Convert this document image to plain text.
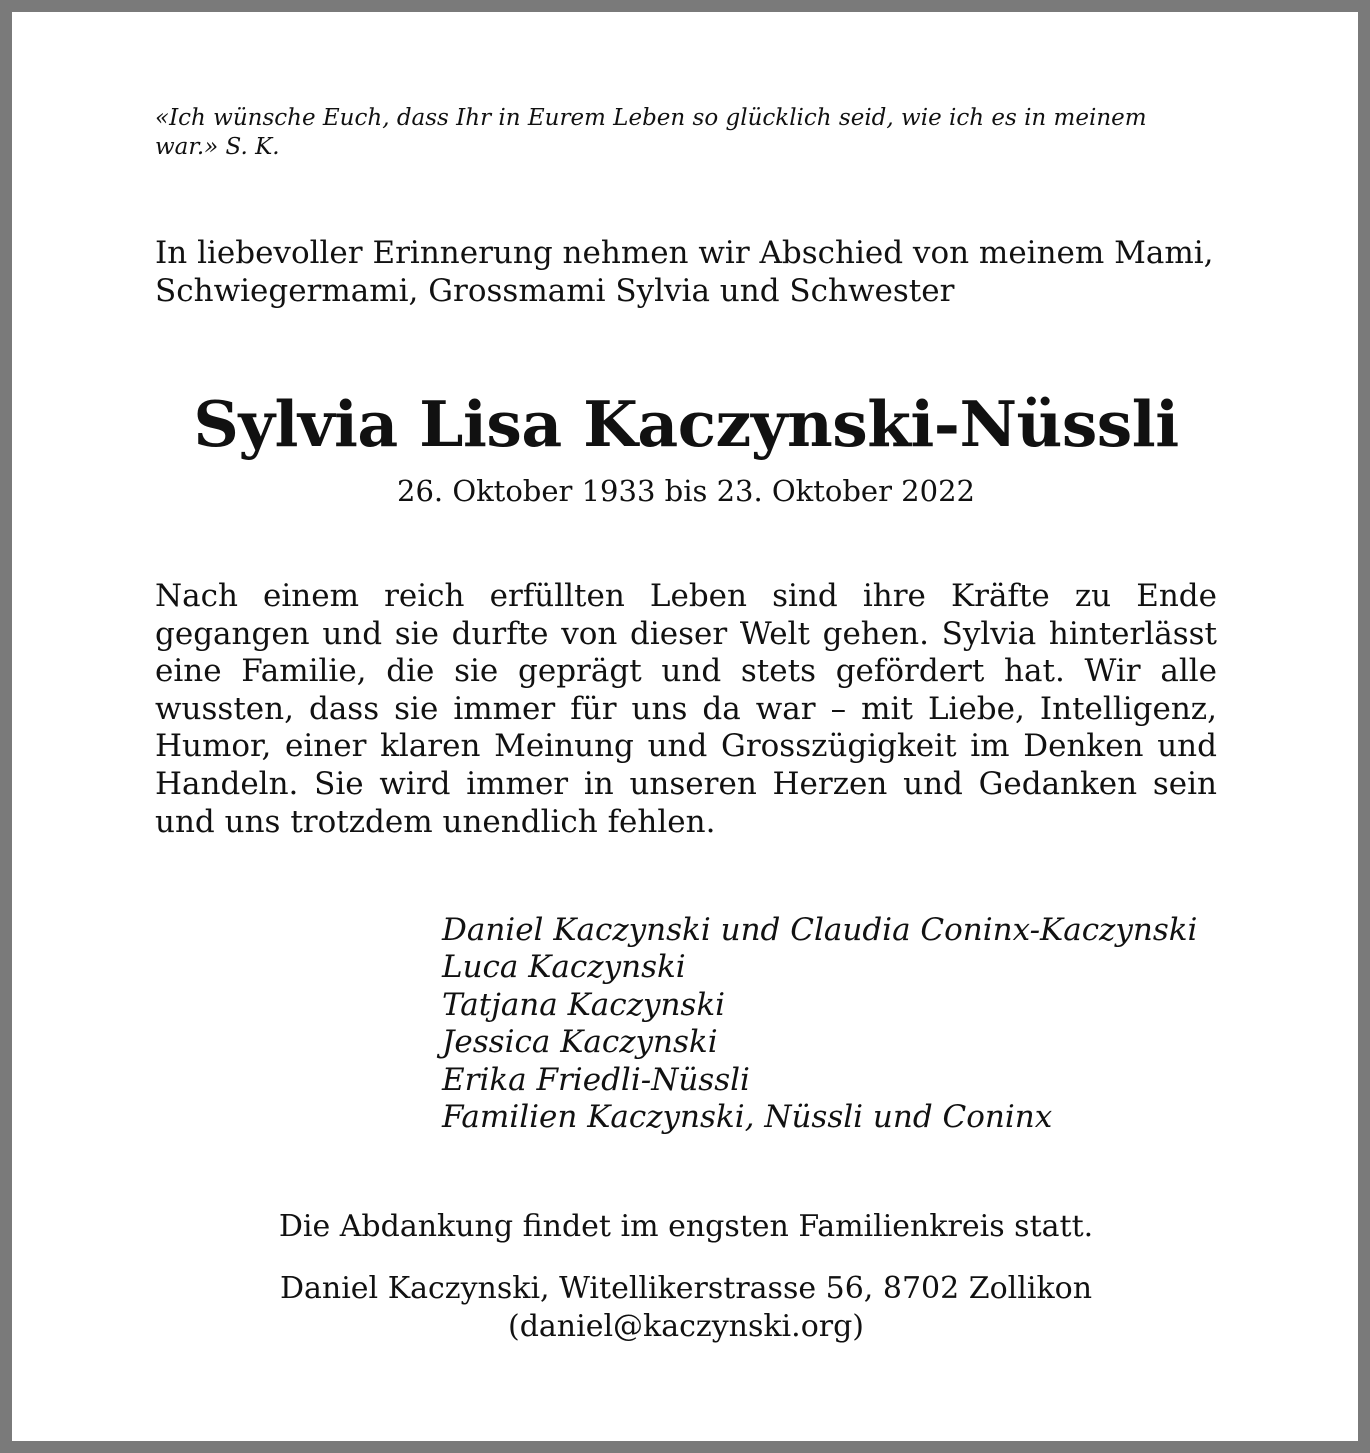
«Ich wünsche Euch, dass Ihr in Eurem Leben so glücklich seid, wie ich es in meinem war.» S. K.

In liebevoller Erinnerung nehmen wir Abschied von meinem Mami, Schwiegermami, Grossmami Sylvia und Schwester

Sylvia Lisa Kaczynski-Nüssli

26. Oktober 1933 bis 23. Oktober 2022

Nach einem reich erfüllten Leben sind ihre Kräfte zu Ende gegangen und sie durfte von dieser Welt gehen. Sylvia hinterlässt eine Familie, die sie geprägt und stets gefördert hat. Wir alle wussten, dass sie immer für uns da war – mit Liebe, Intelligenz, Humor, einer klaren Meinung und Grosszügigkeit im Denken und Handeln. Sie wird immer in unseren Herzen und Gedanken sein und uns trotzdem unendlich fehlen.

Daniel Kaczynski und Claudia Coninx-Kaczynski
Luca Kaczynski
Tatjana Kaczynski
Jessica Kaczynski
Erika Friedli-Nüssli
Familien Kaczynski, Nüssli und Coninx

Die Abdankung findet im engsten Familienkreis statt.

Daniel Kaczynski, Witellikerstrasse 56, 8702 Zollikon
(daniel@kaczynski.org)
